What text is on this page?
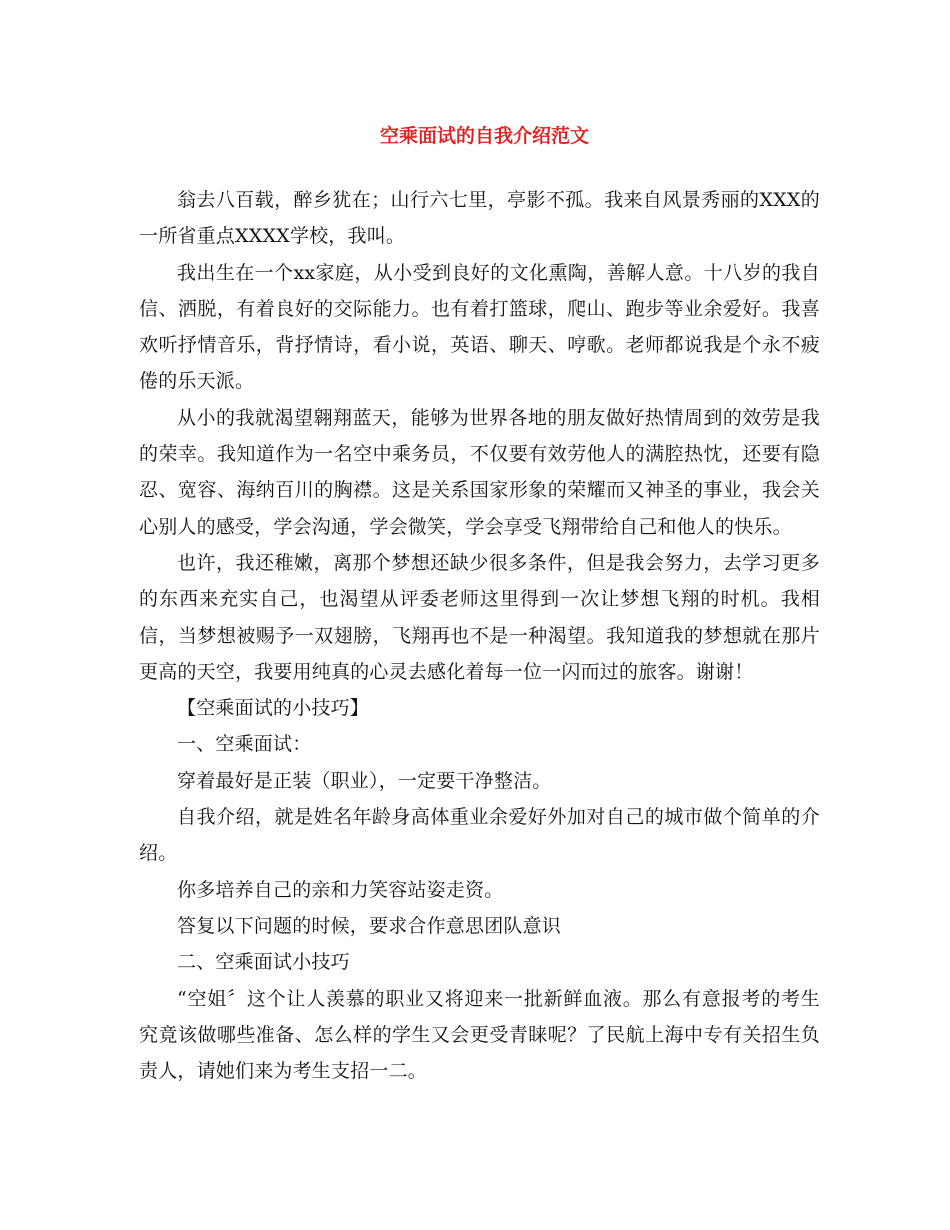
空乘面试的自我介绍范文

翁去八百载，醉乡犹在；山行六七里，亭影不孤。我来自风景秀丽的XXX的一所省重点XXXX学校，我叫。

我出生在一个xx家庭，从小受到良好的文化熏陶，善解人意。十八岁的我自信、洒脱，有着良好的交际能力。也有着打篮球，爬山、跑步等业余爱好。我喜欢听抒情音乐，背抒情诗，看小说，英语、聊天、哼歌。老师都说我是个永不疲倦的乐天派。

从小的我就渴望翱翔蓝天，能够为世界各地的朋友做好热情周到的效劳是我的荣幸。我知道作为一名空中乘务员，不仅要有效劳他人的满腔热忱，还要有隐忍、宽容、海纳百川的胸襟。这是关系国家形象的荣耀而又神圣的事业，我会关心别人的感受，学会沟通，学会微笑，学会享受飞翔带给自己和他人的快乐。

也许，我还稚嫩，离那个梦想还缺少很多条件，但是我会努力，去学习更多的东西来充实自己，也渴望从评委老师这里得到一次让梦想飞翔的时机。我相信，当梦想被赐予一双翅膀，飞翔再也不是一种渴望。我知道我的梦想就在那片更高的天空，我要用纯真的心灵去感化着每一位一闪而过的旅客。谢谢！

【空乘面试的小技巧】

一、空乘面试：

穿着最好是正装（职业），一定要干净整洁。

自我介绍，就是姓名年龄身高体重业余爱好外加对自己的城市做个简单的介绍。

你多培养自己的亲和力笑容站姿走资。

答复以下问题的时候，要求合作意思团队意识

二、空乘面试小技巧

“空姐〞这个让人羡慕的职业又将迎来一批新鲜血液。那么有意报考的考生究竟该做哪些准备、怎么样的学生又会更受青睐呢？了民航上海中专有关招生负责人，请她们来为考生支招一二。
